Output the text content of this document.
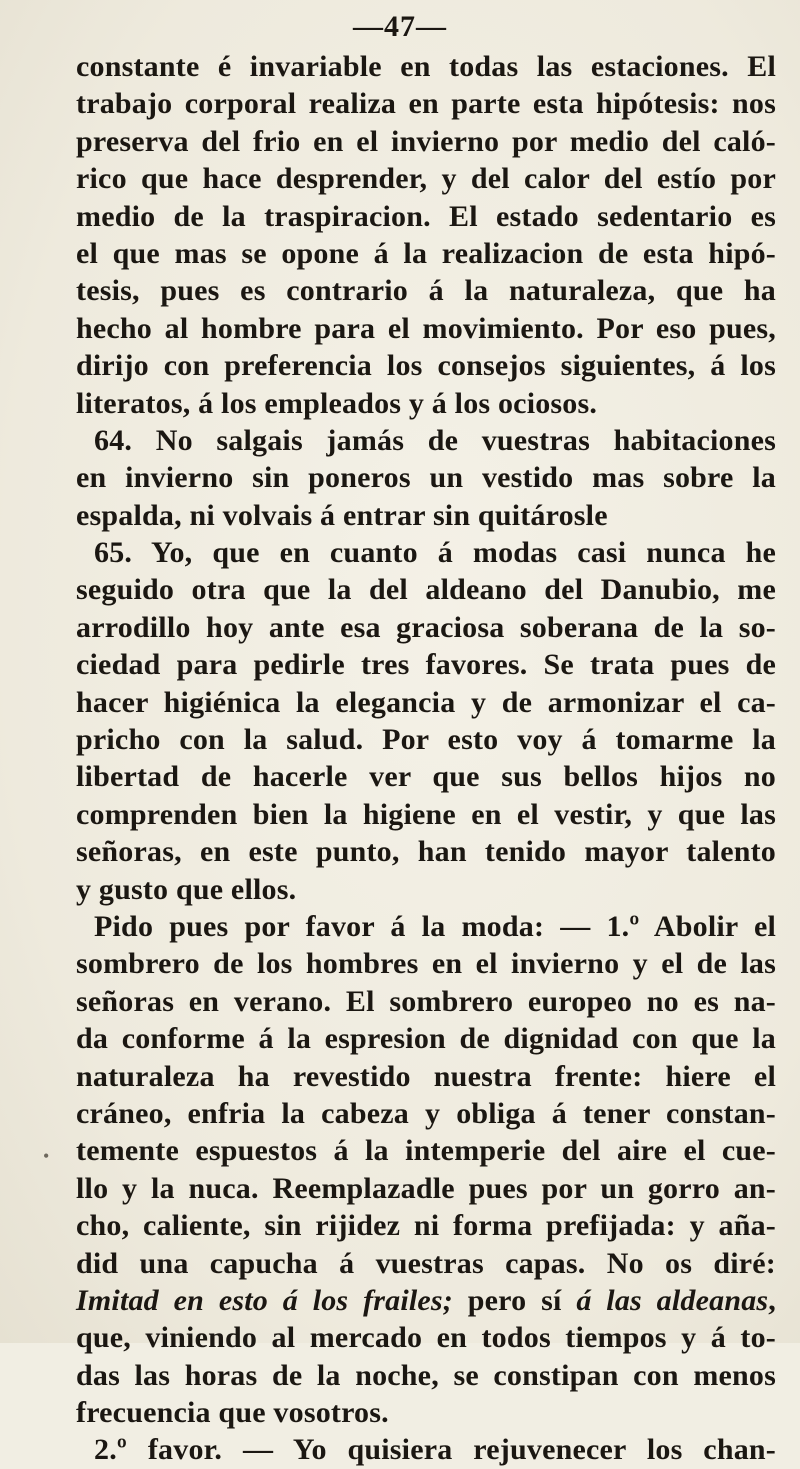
—47—
constante é invariable en todas las estaciones. El
trabajo corporal realiza en parte esta hipótesis: nos
preserva del frio en el invierno por medio del caló-
rico que hace desprender, y del calor del estío por
medio de la traspiracion. El estado sedentario es
el que mas se opone á la realizacion de esta hipó-
tesis, pues es contrario á la naturaleza, que ha
hecho al hombre para el movimiento. Por eso pues,
dirijo con preferencia los consejos siguientes, á los
literatos, á los empleados y á los ociosos.
64. No salgais jamás de vuestras habitaciones
en invierno sin poneros un vestido mas sobre la
espalda, ni volvais á entrar sin quitárosle
65. Yo, que en cuanto á modas casi nunca he
seguido otra que la del aldeano del Danubio, me
arrodillo hoy ante esa graciosa soberana de la so-
ciedad para pedirle tres favores. Se trata pues de
hacer higiénica la elegancia y de armonizar el ca-
pricho con la salud. Por esto voy á tomarme la
libertad de hacerle ver que sus bellos hijos no
comprenden bien la higiene en el vestir, y que las
señoras, en este punto, han tenido mayor talento
y gusto que ellos.
Pido pues por favor á la moda: — 1.º Abolir el
sombrero de los hombres en el invierno y el de las
señoras en verano. El sombrero europeo no es na-
da conforme á la espresion de dignidad con que la
naturaleza ha revestido nuestra frente: hiere el
cráneo, enfria la cabeza y obliga á tener constan-
temente espuestos á la intemperie del aire el cue-
llo y la nuca. Reemplazadle pues por un gorro an-
cho, caliente, sin rijidez ni forma prefijada: y aña-
did una capucha á vuestras capas. No os diré:
Imitad en esto á los frailes; pero sí á las aldeanas,
que, viniendo al mercado en todos tiempos y á to-
das las horas de la noche, se constipan con menos
frecuencia que vosotros.
2.º favor. — Yo quisiera rejuvenecer los chan-
•
